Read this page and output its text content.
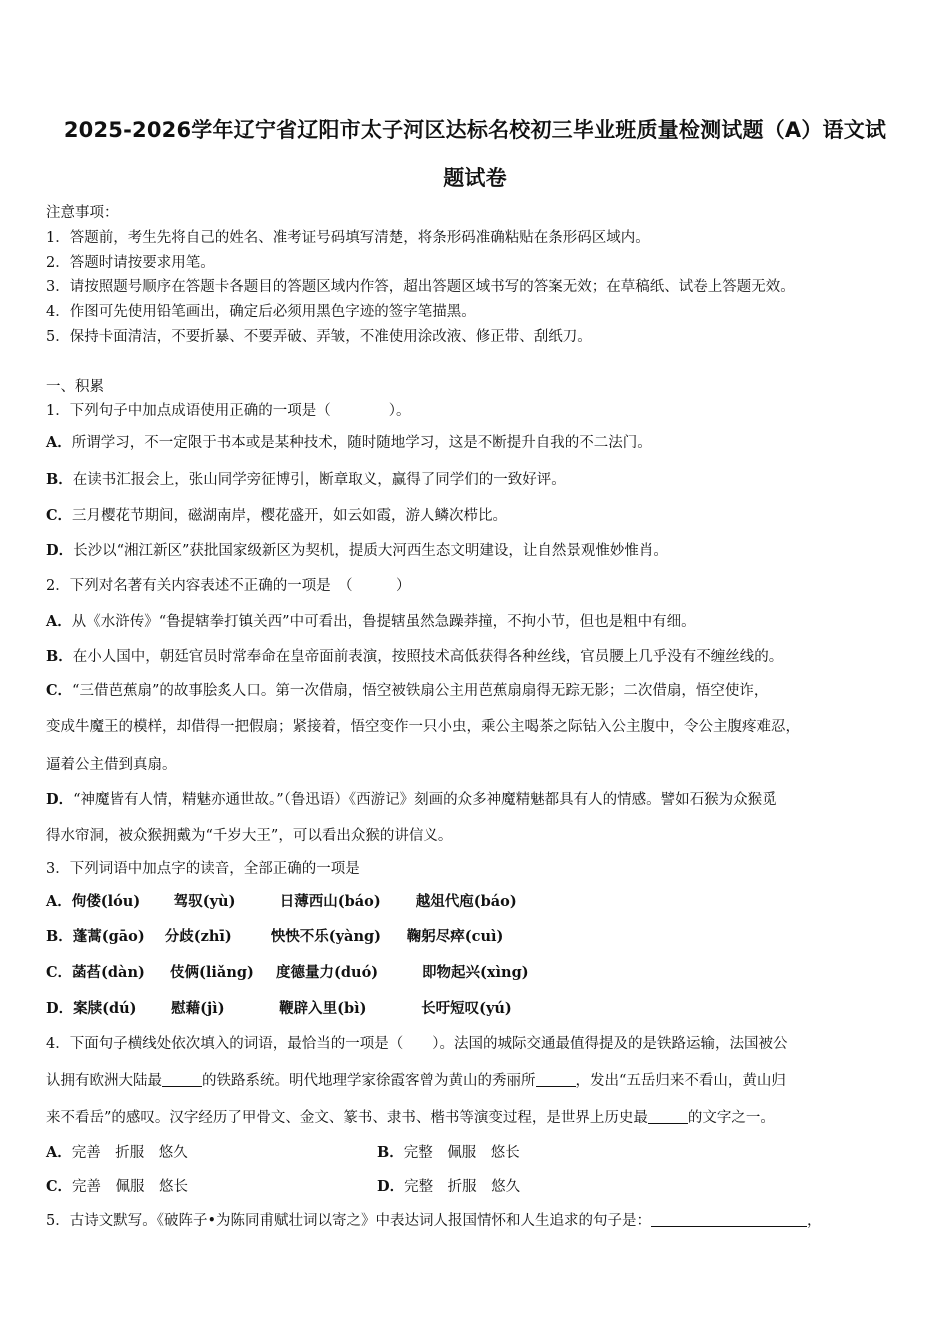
2025-2026学年辽宁省辽阳市太子河区达标名校初三毕业班质量检测试题（A）语文试
题试卷
注意事项：
1．答题前，考生先将自己的姓名、准考证号码填写清楚，将条形码准确粘贴在条形码区域内。
2．答题时请按要求用笔。
3．请按照题号顺序在答题卡各题目的答题区域内作答，超出答题区域书写的答案无效；在草稿纸、试卷上答题无效。
4．作图可先使用铅笔画出，确定后必须用黑色字迹的签字笔描黑。
5．保持卡面清洁，不要折暴、不要弄破、弄皱，不准使用涂改液、修正带、刮纸刀。
一、积累
1．下列句子中加点成语使用正确的一项是（　　　　）。
A．所谓学习，不一定限于书本或是某种技术，随时随地学习，这是不断提升自我的不二法门。
B．在读书汇报会上，张山同学旁征博引，断章取义，赢得了同学们的一致好评。
C．三月樱花节期间，磁湖南岸，樱花盛开，如云如霞，游人鳞次栉比。
D．长沙以“湘江新区”获批国家级新区为契机，提质大河西生态文明建设，让自然景观惟妙惟肖。
2．下列对名著有关内容表述不正确的一项是　（　　　）
A．从《水浒传》“鲁提辖拳打镇关西”中可看出，鲁提辖虽然急躁莽撞，不拘小节，但也是粗中有细。
B．在小人国中，朝廷官员时常奉命在皇帝面前表演，按照技术高低获得各种丝线，官员腰上几乎没有不缠丝线的。
C．“三借芭蕉扇”的故事脍炙人口。第一次借扇，悟空被铁扇公主用芭蕉扇扇得无踪无影；二次借扇，悟空使诈，
变成牛魔王的模样，却借得一把假扇；紧接着，悟空变作一只小虫，乘公主喝茶之际钻入公主腹中，令公主腹疼难忍，
逼着公主借到真扇。
D．“神魔皆有人情，精魅亦通世故。”（鲁迅语）《西游记》刻画的众多神魔精魅都具有人的情感。譬如石猴为众猴觅
得水帘洞，被众猴拥戴为“千岁大王”，可以看出众猴的讲信义。
3．下列词语中加点字的读音，全部正确的一项是
A．佝偻(lóu) 驾驭(yù)	日薄西山(báo) 越俎代庖(báo)
B．蓬蒿(gāo) 分歧(zhī)	怏怏不乐(yàng) 鞠躬尽瘁(cuì)
C．菡萏(dàn) 伎俩(liǎng) 度德量力(duó)	即物起兴(xìng)
D．案牍(dú) 慰藉(jì)	鞭辟入里(bì)	长吁短叹(yú)
4．下面句子横线处依次填入的词语，最恰当的一项是（　　）。法国的城际交通最值得提及的是铁路运输，法国被公
认拥有欧洲大陆最	的铁路系统。明代地理学家徐霞客曾为黄山的秀丽所	，发出“五岳归来不看山，黄山归
来不看岳”的感叹。汉字经历了甲骨文、金文、篆书、隶书、楷书等演变过程，是世界上历史最	的文字之一。
A．完善　折服　悠久	B．完整　佩服　悠长
C．完善　佩服　悠长	D．完整　折服　悠久
5．古诗文默写。《破阵子•为陈同甫赋壮词以寄之》中表达词人报国情怀和人生追求的句子是：	，
